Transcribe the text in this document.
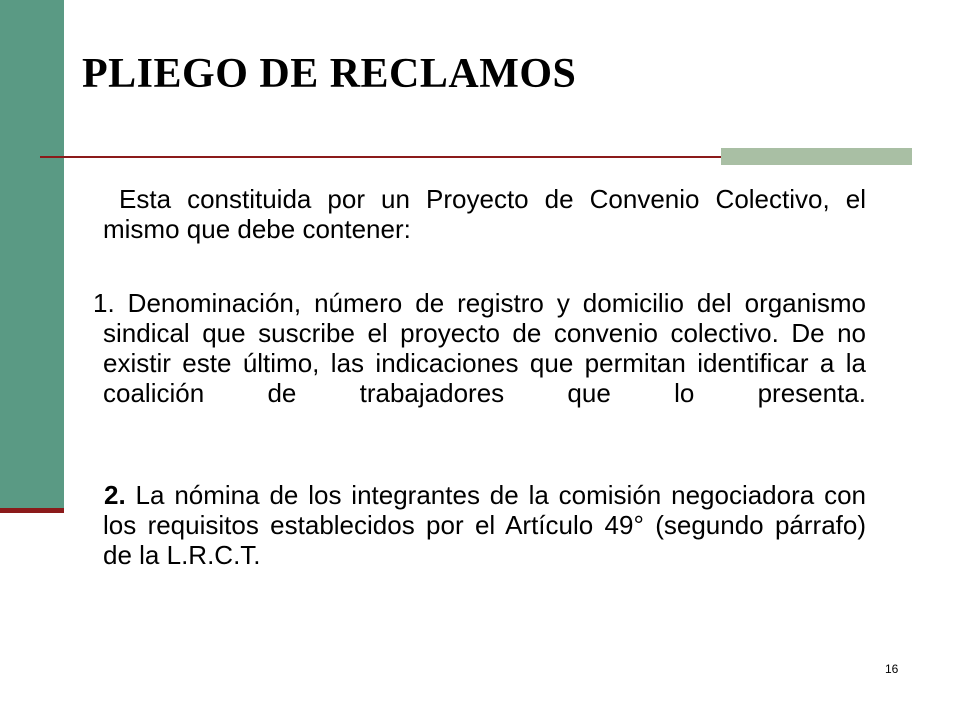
PLIEGO DE RECLAMOS

Esta constituida por un Proyecto de Convenio Colectivo, el mismo que debe contener:

1. Denominación, número de registro y domicilio del organismo sindical que suscribe el proyecto de convenio colectivo. De no existir este último, las indicaciones que permitan identificar a la coalición de trabajadores que lo presenta.

2. La nómina de los integrantes de la comisión negociadora con los requisitos establecidos por el Artículo 49° (segundo párrafo) de la L.R.C.T.

16
